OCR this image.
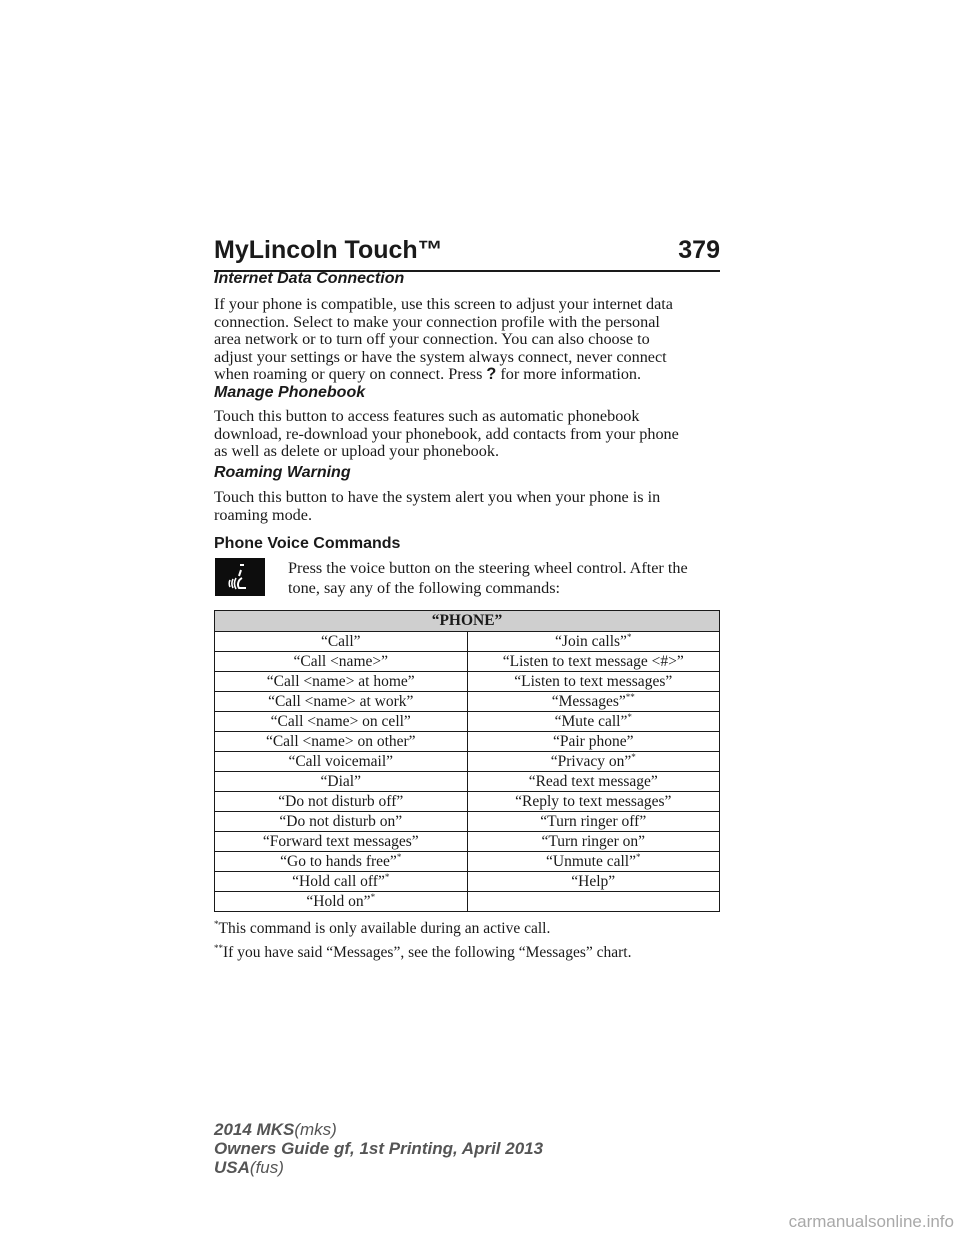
MyLincoln Touch™	379
Internet Data Connection
If your phone is compatible, use this screen to adjust your internet data
connection. Select to make your connection profile with the personal
area network or to turn off your connection. You can also choose to
adjust your settings or have the system always connect, never connect
when roaming or query on connect. Press ? for more information.
Manage Phonebook
Touch this button to access features such as automatic phonebook
download, re-download your phonebook, add contacts from your phone
as well as delete or upload your phonebook.
Roaming Warning
Touch this button to have the system alert you when your phone is in
roaming mode.
Phone Voice Commands
Press the voice button on the steering wheel control. After the
tone, say any of the following commands:
“PHONE”	
“Call”	“Join calls”*
“Call <name>”	“Listen to text message <#>”
“Call <name> at home”	“Listen to text messages”
“Call <name> at work”	“Messages”**
“Call <name> on cell”	“Mute call”*
“Call <name> on other”	“Pair phone”
“Call voicemail”	“Privacy on”*
“Dial”	“Read text message”
“Do not disturb off”	“Reply to text messages”
“Do not disturb on”	“Turn ringer off”
“Forward text messages”	“Turn ringer on”
“Go to hands free”*	“Unmute call”*
“Hold call off”*	“Help”
“Hold on”*	
*This command is only available during an active call.
**If you have said “Messages”, see the following “Messages” chart.
2014 MKS(mks)
Owners Guide gf, 1st Printing, April 2013
USA(fus)
carmanualsonline.info
